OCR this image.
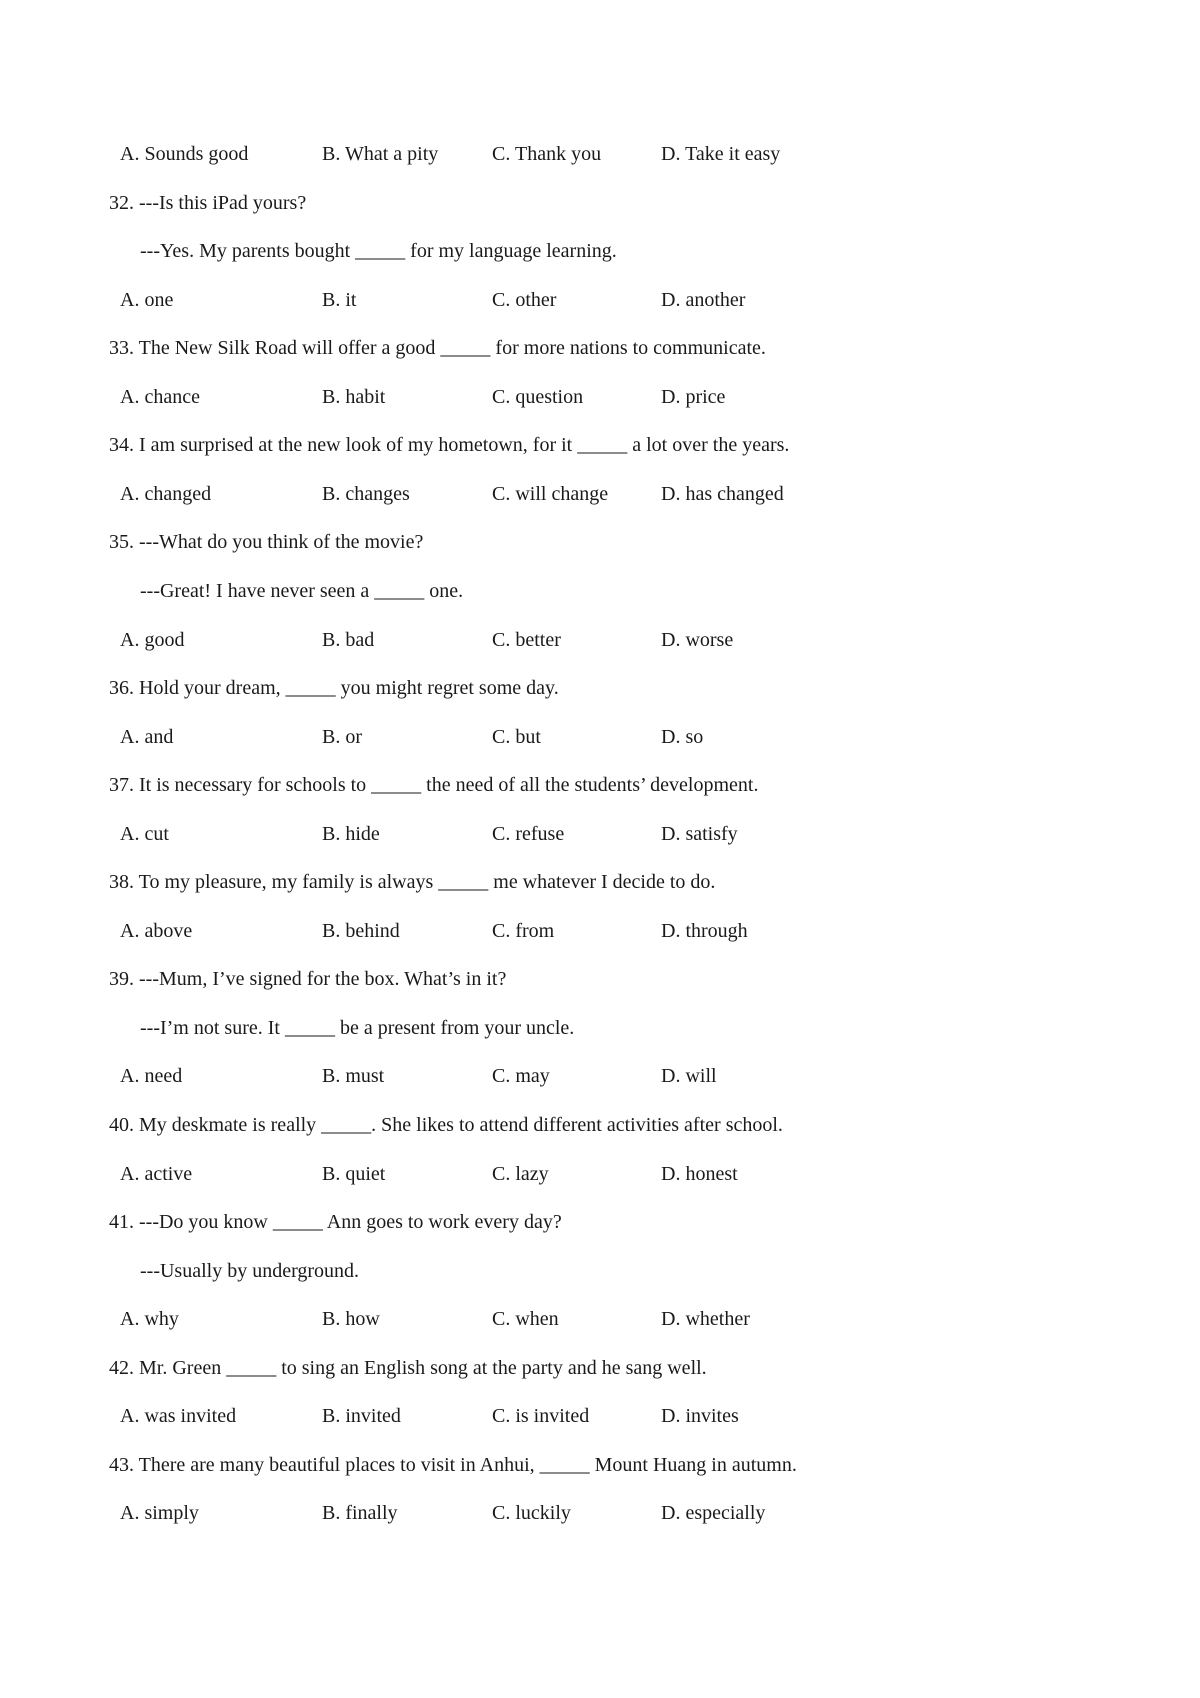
A. Sounds good	B. What a pity	C. Thank you	D. Take it easy
32. ---Is this iPad yours?
---Yes. My parents bought _____ for my language learning.
A. one	B. it	C. other	D. another
33. The New Silk Road will offer a good _____ for more nations to communicate.
A. chance	B. habit	C. question	D. price
34. I am surprised at the new look of my hometown, for it _____ a lot over the years.
A. changed	B. changes	C. will change	D. has changed
35. ---What do you think of the movie?
---Great! I have never seen a _____ one.
A. good	B. bad	C. better	D. worse
36. Hold your dream, _____ you might regret some day.
A. and	B. or	C. but	D. so
37. It is necessary for schools to _____ the need of all the students’ development.
A. cut	B. hide	C. refuse	D. satisfy
38. To my pleasure, my family is always _____ me whatever I decide to do.
A. above	B. behind	C. from	D. through
39. ---Mum, I’ve signed for the box. What’s in it?
---I’m not sure. It _____ be a present from your uncle.
A. need	B. must	C. may	D. will
40. My deskmate is really _____. She likes to attend different activities after school.
A. active	B. quiet	C. lazy	D. honest
41. ---Do you know _____ Ann goes to work every day?
---Usually by underground.
A. why	B. how	C. when	D. whether
42. Mr. Green _____ to sing an English song at the party and he sang well.
A. was invited	B. invited	C. is invited	D. invites
43. There are many beautiful places to visit in Anhui, _____ Mount Huang in autumn.
A. simply	B. finally	C. luckily	D. especially
